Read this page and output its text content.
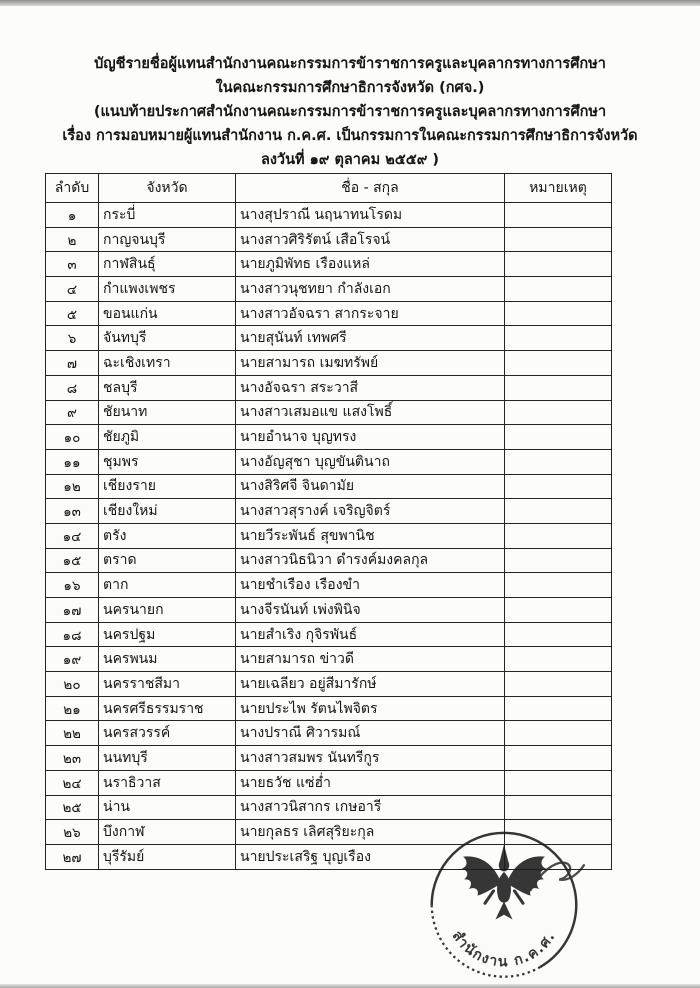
บัญชีรายชื่อผู้แทนสำนักงานคณะกรรมการข้าราชการครูและบุคลากรทางการศึกษา
ในคณะกรรมการศึกษาธิการจังหวัด (กศจ.)
(แนบท้ายประกาศสำนักงานคณะกรรมการข้าราชการครูและบุคลากรทางการศึกษา
เรื่อง การมอบหมายผู้แทนสำนักงาน ก.ค.ศ. เป็นกรรมการในคณะกรรมการศึกษาธิการจังหวัด
ลงวันที่ ๑๙ ตุลาคม ๒๕๕๙ )
ลำดับ	จังหวัด	ชื่อ - สกุล	หมายเหตุ
๑	กระบี่	นางสุปราณี นฤนาทนโรดม	
๒	กาญจนบุรี	นางสาวศิริรัตน์ เสือโรจน์	
๓	กาฬสินธุ์	นายภูมิพัทธ เรืองแหล่	
๔	กำแพงเพชร	นางสาวนุชทยา กำลังเอก	
๕	ขอนแก่น	นางสาวอัจฉรา สากระจาย	
๖	จันทบุรี	นายสุนันท์ เทพศรี	
๗	ฉะเชิงเทรา	นายสามารถ เมฆทรัพย์	
๘	ชลบุรี	นางอัจฉรา สระวาสี	
๙	ชัยนาท	นางสาวเสมอแข แสงโพธิ์	
๑๐	ชัยภูมิ	นายอำนาจ บุญทรง	
๑๑	ชุมพร	นางอัญสุชา บุญขันตินาถ	
๑๒	เชียงราย	นางสิริศจี จินดามัย	
๑๓	เชียงใหม่	นางสาวสุรางค์ เจริญจิตร์	
๑๔	ตรัง	นายวีระพันธ์ สุขพานิช	
๑๕	ตราด	นางสาวนิธนิวา ดำรงค์มงคลกุล	
๑๖	ตาก	นายชำเรือง เรืองขำ	
๑๗	นครนายก	นางจีรนันท์ เพ่งพินิจ	
๑๘	นครปฐม	นายสำเริง กุจิรพันธ์	
๑๙	นครพนม	นายสามารถ ข่าวดี	
๒๐	นครราชสีมา	นายเฉลียว อยู่สีมารักษ์	
๒๑	นครศรีธรรมราช	นายประไพ รัตนไพจิตร	
๒๒	นครสวรรค์	นางปราณี ศิวารมณ์	
๒๓	นนทบุรี	นางสาวสมพร นันทรีกูร	
๒๔	นราธิวาส	นายธวัช แซ่ฮ่ำ	
๒๕	น่าน	นางสาวนิสากร เกษอารี	
๒๖	บึงกาฬ	นายกุลธร เลิศสุริยะกุล	
๒๗	บุรีรัมย์	นายประเสริฐ บุญเรือง	
สำนักงาน ก.ค.ศ.
